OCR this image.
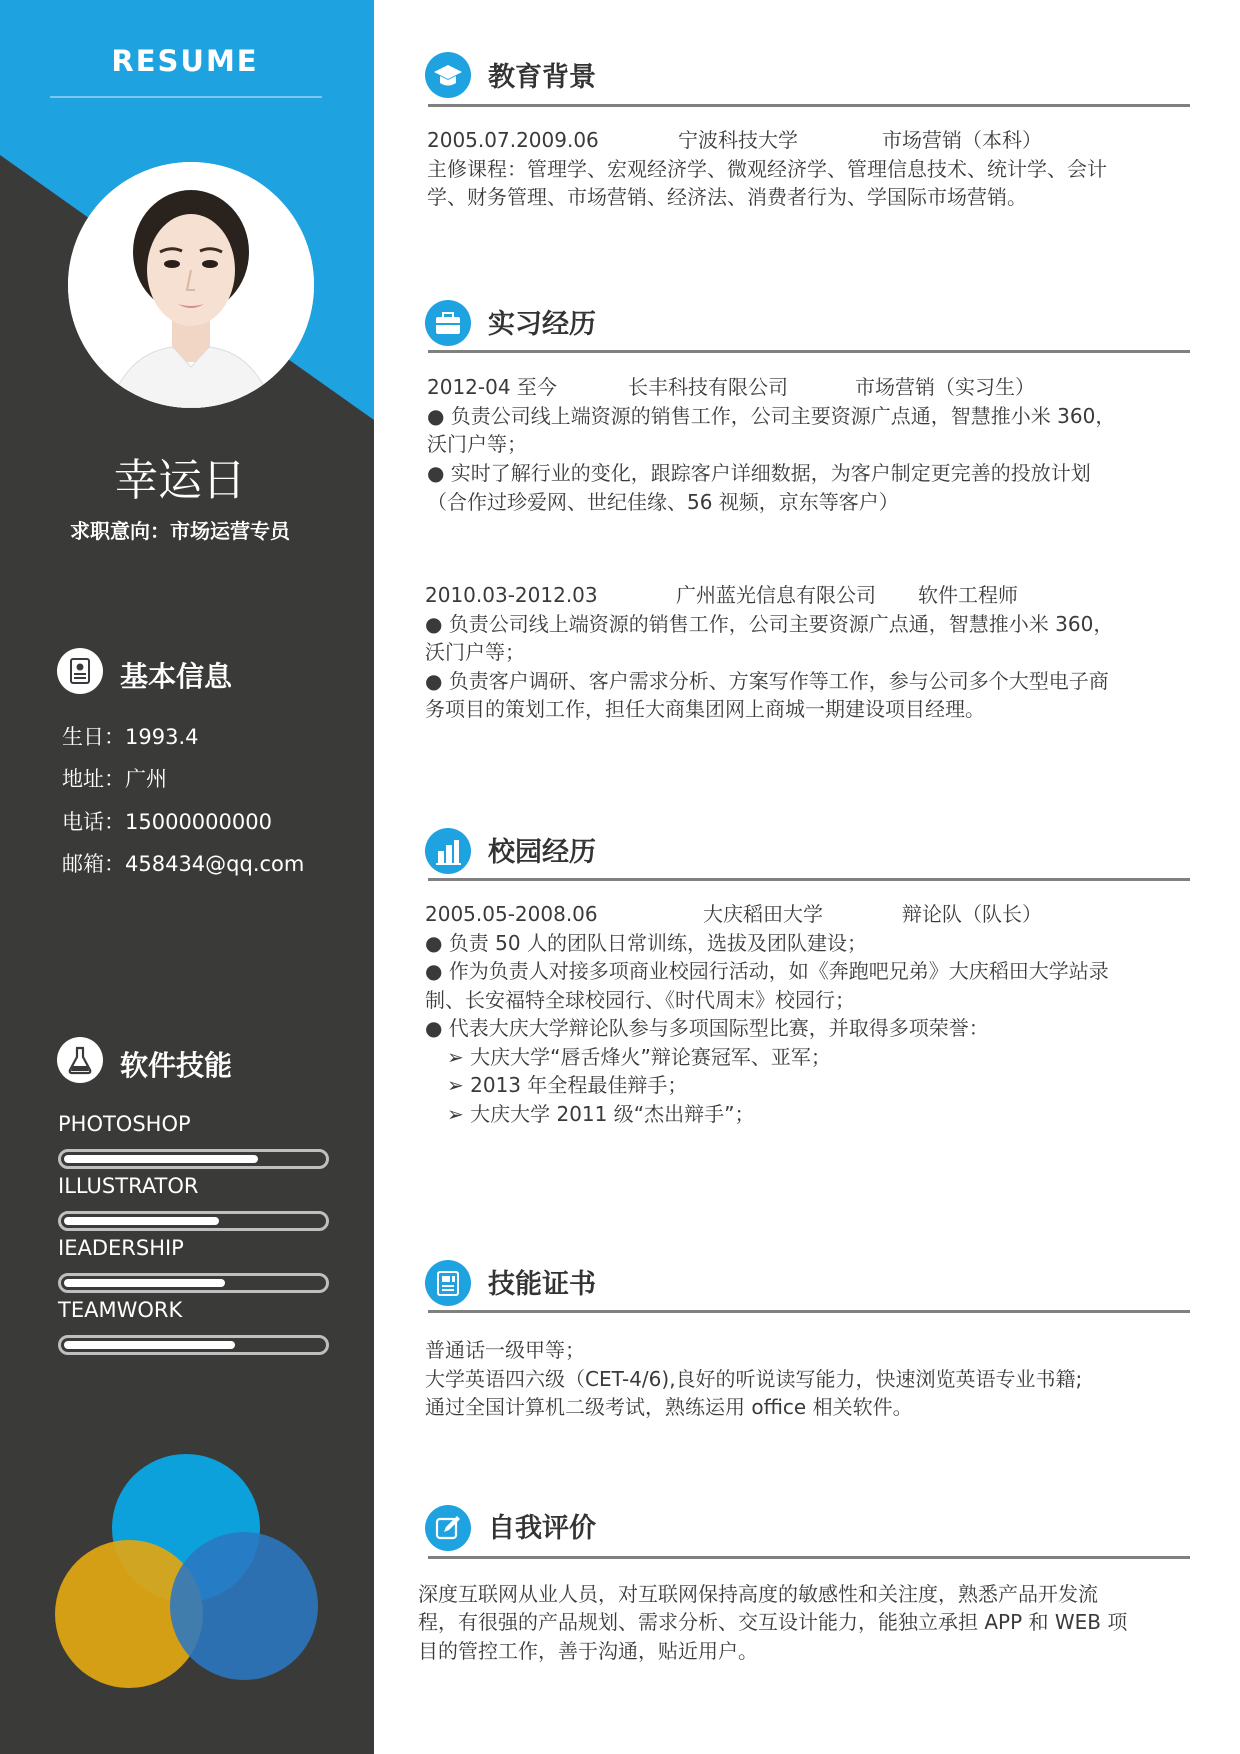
RESUME
幸运日
求职意向：市场运营专员
基本信息
生日：1993.4
地址：广州
电话：15000000000
邮箱：458434@qq.com
软件技能
PHOTOSHOP
ILLUSTRATOR
IEADERSHIP
TEAMWORK
教育背景
2005.07.2009.06	宁波科技大学	市场营销（本科）
主修课程：管理学、宏观经济学、微观经济学、管理信息技术、统计学、会计
学、财务管理、市场营销、经济法、消费者行为、学国际市场营销。
实习经历
2012-04 至今	长丰科技有限公司	市场营销（实习生）
● 负责公司线上端资源的销售工作，公司主要资源广点通，智慧推小米 360，
沃门户等；
● 实时了解行业的变化，跟踪客户详细数据，为客户制定更完善的投放计划
（合作过珍爱网、世纪佳缘、56 视频，京东等客户）
2010.03-2012.03	广州蓝光信息有限公司 软件工程师
● 负责公司线上端资源的销售工作，公司主要资源广点通，智慧推小米 360，
沃门户等；
● 负责客户调研、客户需求分析、方案写作等工作，参与公司多个大型电子商
务项目的策划工作，担任大商集团网上商城一期建设项目经理。
校园经历
2005.05-2008.06	大庆稻田大学	辩论队（队长）
● 负责 50 人的团队日常训练，选拔及团队建设；
● 作为负责人对接多项商业校园行活动，如《奔跑吧兄弟》大庆稻田大学站录
制、长安福特全球校园行、《时代周末》校园行；
● 代表大庆大学辩论队参与多项国际型比赛，并取得多项荣誉：
➢ 大庆大学“唇舌烽火”辩论赛冠军、亚军；
➢ 2013 年全程最佳辩手；
➢ 大庆大学 2011 级“杰出辩手”；
技能证书
普通话一级甲等；
大学英语四六级（CET-4/6),良好的听说读写能力，快速浏览英语专业书籍;
通过全国计算机二级考试，熟练运用 office 相关软件。
自我评价
深度互联网从业人员，对互联网保持高度的敏感性和关注度，熟悉产品开发流
程，有很强的产品规划、需求分析、交互设计能力，能独立承担 APP 和 WEB 项
目的管控工作，善于沟通，贴近用户。
